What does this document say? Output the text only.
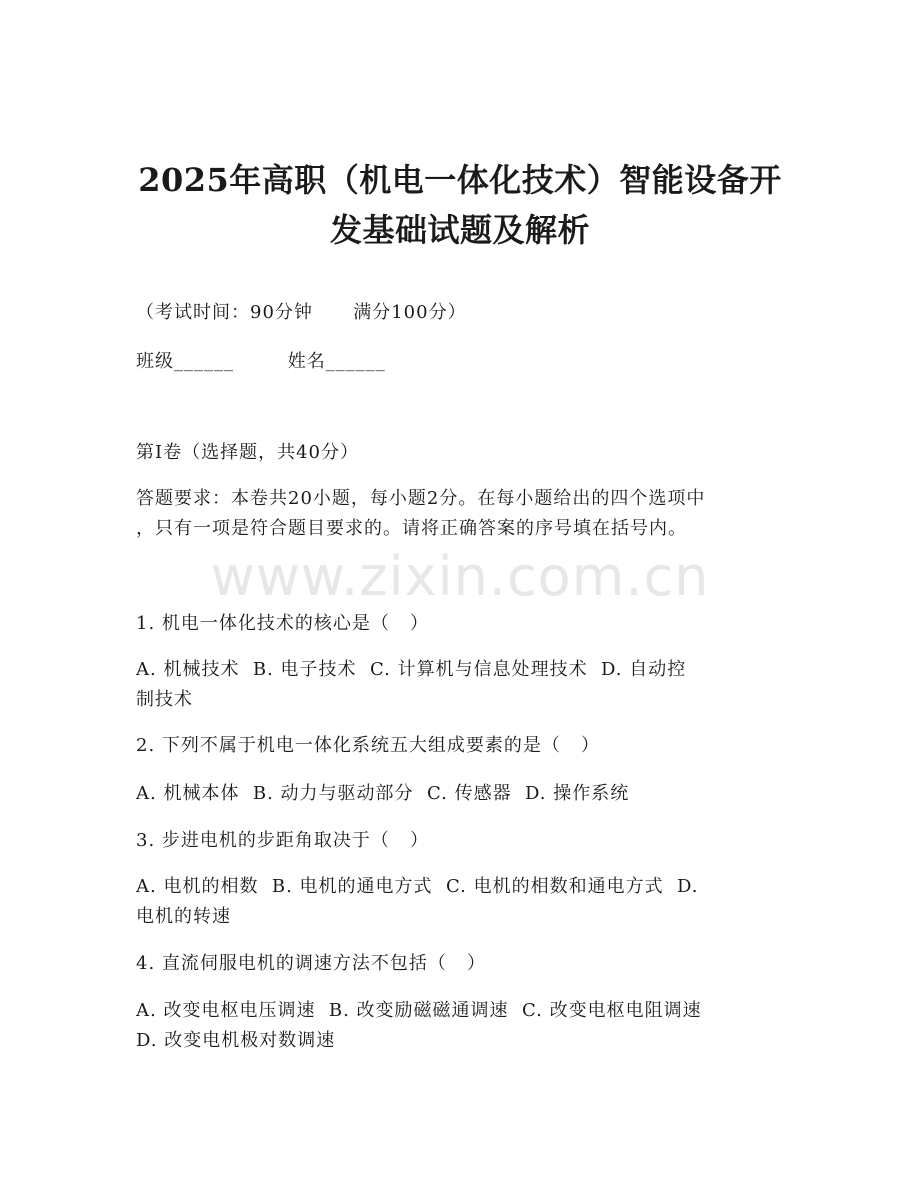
2025年高职（机电一体化技术）智能设备开
发基础试题及解析
（考试时间：90分钟      满分100分）
班级______        姓名______
第Ⅰ卷（选择题，共40分）
答题要求：本卷共20小题，每小题2分。在每小题给出的四个选项中
，只有一项是符合题目要求的。请将正确答案的序号填在括号内。
www.zixin.com.cn
1. 机电一体化技术的核心是（   ）
A. 机械技术  B. 电子技术  C. 计算机与信息处理技术  D. 自动控
制技术
2. 下列不属于机电一体化系统五大组成要素的是（   ）
A. 机械本体  B. 动力与驱动部分  C. 传感器  D. 操作系统
3. 步进电机的步距角取决于（   ）
A. 电机的相数  B. 电机的通电方式  C. 电机的相数和通电方式  D.
电机的转速
4. 直流伺服电机的调速方法不包括（   ）
A. 改变电枢电压调速  B. 改变励磁磁通调速  C. 改变电枢电阻调速
D. 改变电机极对数调速
